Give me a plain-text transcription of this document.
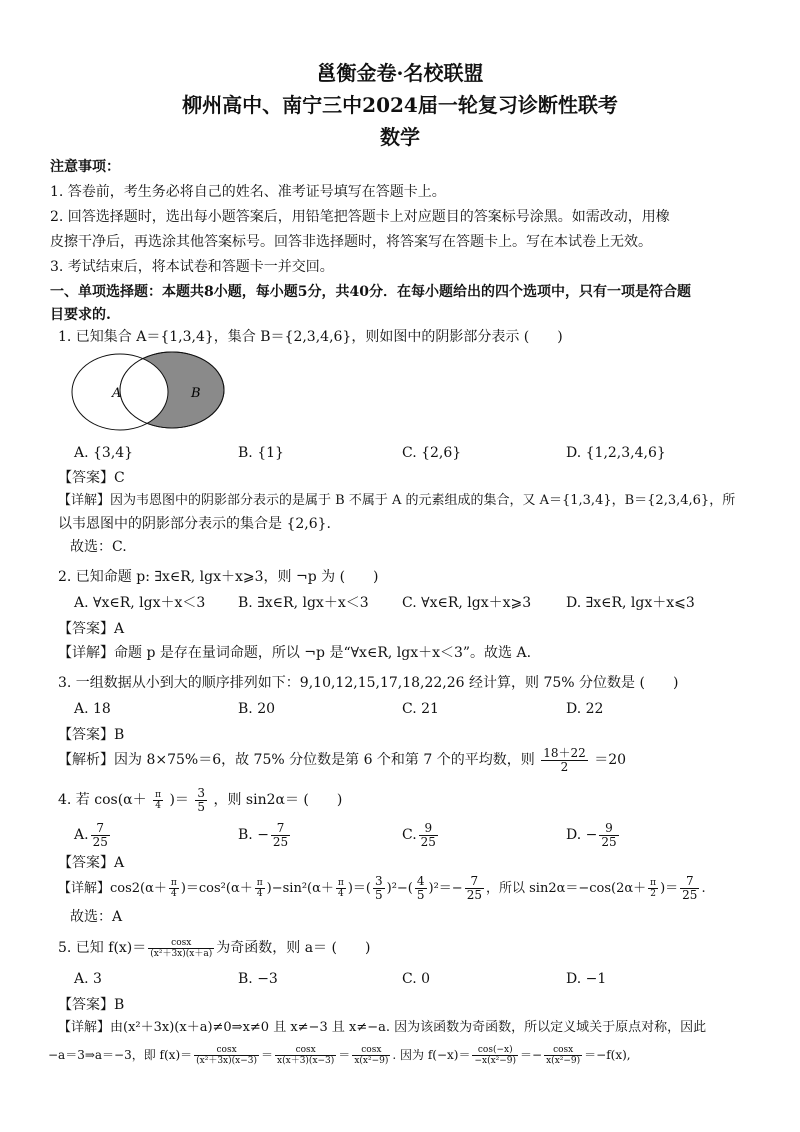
邕衡金卷·名校联盟
柳州高中、南宁三中2024届一轮复习诊断性联考
数学
注意事项：
1. 答卷前，考生务必将自己的姓名、准考证号填写在答题卡上。
2. 回答选择题时，选出每小题答案后，用铅笔把答题卡上对应题目的答案标号涂黑。如需改动，用橡
皮擦干净后，再选涂其他答案标号。回答非选择题时，将答案写在答题卡上。写在本试卷上无效。
3. 考试结束后，将本试卷和答题卡一并交回。
一、单项选择题：本题共8小题，每小题5分，共40分．在每小题给出的四个选项中，只有一项是符合题
目要求的.
1. 已知集合 A＝{1,3,4}，集合 B＝{2,3,4,6}，则如图中的阴影部分表示 (　　)
A	B
A. {3,4}	B. {1}	C. {2,6}	D. {1,2,3,4,6}
【答案】C
【详解】因为韦恩图中的阴影部分表示的是属于 B 不属于 A 的元素组成的集合，又 A＝{1,3,4}，B＝{2,3,4,6}，所
以韦恩图中的阴影部分表示的集合是 {2,6}.
故选：C.
2. 已知命题 p: ∃x∈R, lgx＋x⩾3，则 ¬p 为 (　　)
A. ∀x∈R, lgx＋x＜3 B. ∃x∈R, lgx＋x＜3 C. ∀x∈R, lgx＋x⩾3 D. ∃x∈R, lgx＋x⩽3
【答案】A
【详解】命题 p 是存在量词命题，所以 ¬p 是“∀x∈R, lgx＋x＜3”。故选 A.
3. 一组数据从小到大的顺序排列如下：9,10,12,15,17,18,22,26 经计算，则 75% 分位数是 (　　)
A. 18	B. 20	C. 21	D. 22
【答案】B
【解析】因为 8×75%＝6，故 75% 分位数是第 6 个和第 7 个的平均数，则 $\frac{18+22}{2} =20$
4. 若 $\cos(\alpha+ \frac{\pi}{4}$ )＝ $\frac{3}{5}$ ，则 sin2α＝ (　　)
A. $\frac{7}{25}$	B. − $\frac{7}{25}$	C. $\frac{9}{25}$	D. − $\frac{9}{25}$
【答案】A
【详解】$\cos 2(\alpha+ \frac{\pi}{4} )=\cos^2(\alpha+ \frac{\pi}{4} )-\sin^2(\alpha+ \frac{\pi}{4}$ )＝( $\frac{3}{5} )^2-( \frac{4}{5} )^2=- \frac{7}{25}$ ，所以 $\sin 2\alpha=-\cos(2\alpha+ \frac{\pi}{2}$ )＝ $\frac{7}{25}$ .
故选：A
5. 已知 $f(x)= \frac{\cos x}{\text{(x²＋3x)(x＋a)}}$ 为奇函数，则 a＝ (　　)
A. 3	B. −3	C. 0	D. −1
【答案】B
【详解】由(x²＋3x)(x＋a)≠0⇒x≠0 且 x≠−3 且 x≠−a. 因为该函数为奇函数，所以定义域关于原点对称，因此
−a＝3⇒a＝−3，即 $f(x)= \frac{\cos x}{\text{(x²＋3x)(x−3)}} = \frac{\cos x}{x(x+3)(x-3)} = \frac{\cos x}{\text{x(x²−9)}}$ . 因为 $f(-x)= \frac{\cos(-x)}{\text{−x(x²−9)}} =- \frac{\cos x}{\text{x(x²−9)}} =-f(x)$,
